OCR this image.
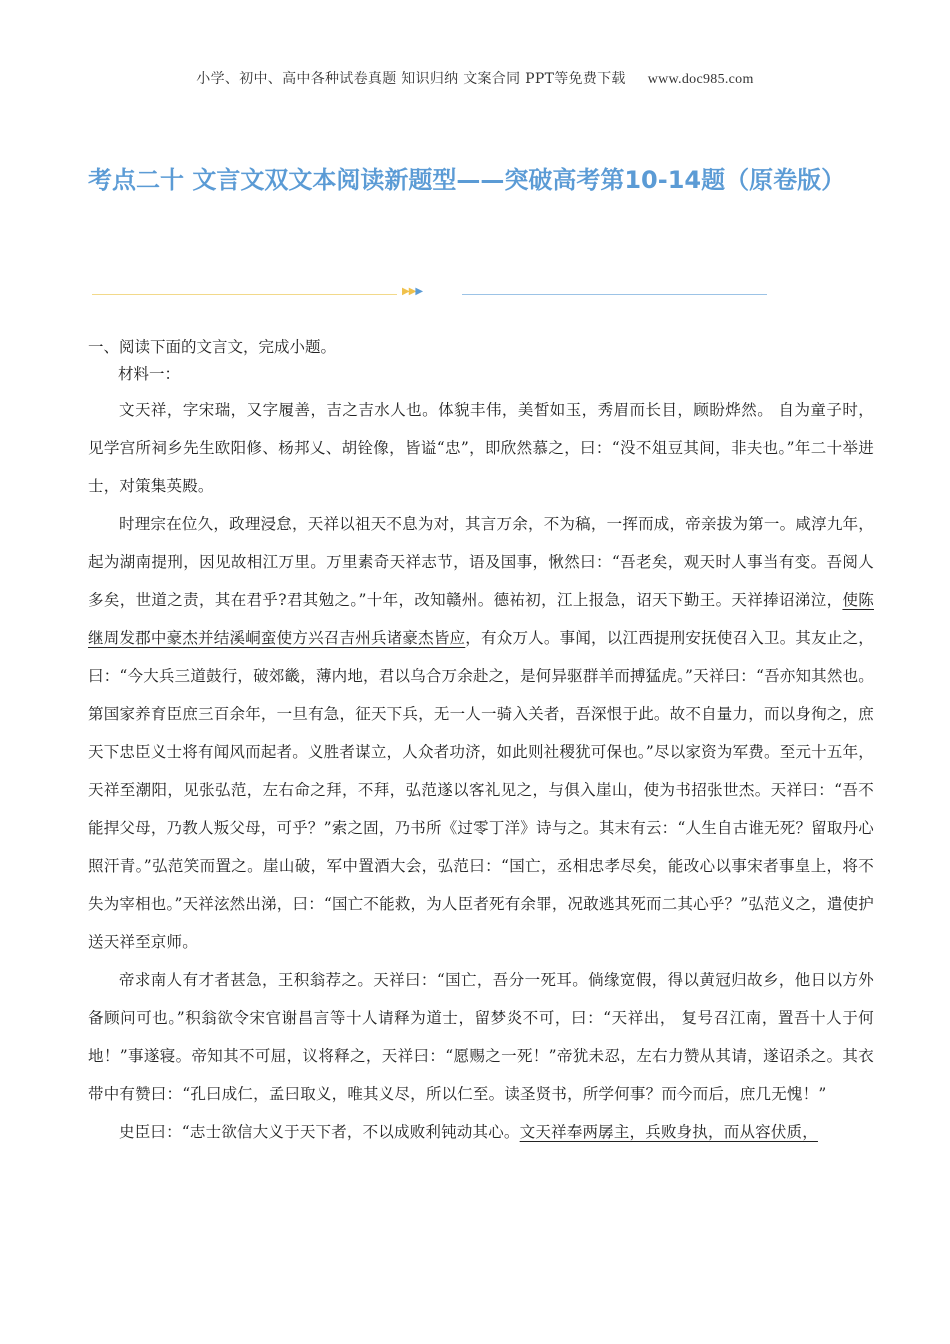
小学、初中、高中各种试卷真题 知识归纳 文案合同 PPT等免费下载 www.doc985.com
考点二十 文言文双文本阅读新题型——突破高考第10-14题（原卷版）
▶▶▶
一、阅读下面的文言文，完成小题。
材料一：

文天祥，字宋瑞，又字履善，吉之吉水人也。体貌丰伟，美皙如玉，秀眉而长目，顾盼烨然。 自为童子时，见学宫所祠乡先生欧阳修、杨邦乂、胡铨像，皆谥“忠”，即欣然慕之，曰：“没不俎豆其间，非夫也。”年二十举进士，对策集英殿。

时理宗在位久，政理浸怠，天祥以祖天不息为对，其言万余，不为稿，一挥而成，帝亲拔为第一。咸淳九年，起为湖南提刑，因见故相江万里。万里素奇天祥志节，语及国事，愀然曰：“吾老矣，观天时人事当有变。吾阅人多矣，世道之责，其在君乎?君其勉之。”十年，改知赣州。德祐初，江上报急，诏天下勤王。天祥捧诏涕泣，使陈继周发郡中豪杰并结溪峒蛮使方兴召吉州兵诸豪杰皆应，有众万人。事闻，以江西提刑安抚使召入卫。其友止之，曰：“今大兵三道鼓行，破郊畿，薄内地，君以乌合万余赴之，是何异驱群羊而搏猛虎。”天祥曰：“吾亦知其然也。第国家养育臣庶三百余年，一旦有急，征天下兵，无一人一骑入关者，吾深恨于此。故不自量力，而以身徇之，庶天下忠臣义士将有闻风而起者。义胜者谋立，人众者功济，如此则社稷犹可保也。”尽以家资为军费。至元十五年，天祥至潮阳，见张弘范，左右命之拜，不拜，弘范遂以客礼见之，与俱入崖山，使为书招张世杰。天祥曰：“吾不能捍父母，乃教人叛父母，可乎？”索之固，乃书所《过零丁洋》诗与之。其末有云：“人生自古谁无死？留取丹心照汗青。”弘范笑而置之。崖山破，军中置酒大会，弘范曰：“国亡，丞相忠孝尽矣，能改心以事宋者事皇上，将不失为宰相也。”天祥泫然出涕，曰：“国亡不能救，为人臣者死有余罪，况敢逃其死而二其心乎？”弘范义之，遣使护送天祥至京师。

帝求南人有才者甚急，王积翁荐之。天祥曰：“国亡，吾分一死耳。倘缘宽假，得以黄冠归故乡，他日以方外备顾问可也。”积翁欲令宋官谢昌言等十人请释为道士，留梦炎不可，曰：“天祥出， 复号召江南，置吾十人于何地！”事遂寝。帝知其不可屈，议将释之，天祥曰：“愿赐之一死！”帝犹未忍，左右力赞从其请，遂诏杀之。其衣带中有赞曰：“孔曰成仁，孟曰取义，唯其义尽，所以仁至。读圣贤书，所学何事？而今而后，庶几无愧！”

史臣曰：“志士欲信大义于天下者，不以成败利钝动其心。文天祥奉两孱主，兵败身执，而从容伏质，
